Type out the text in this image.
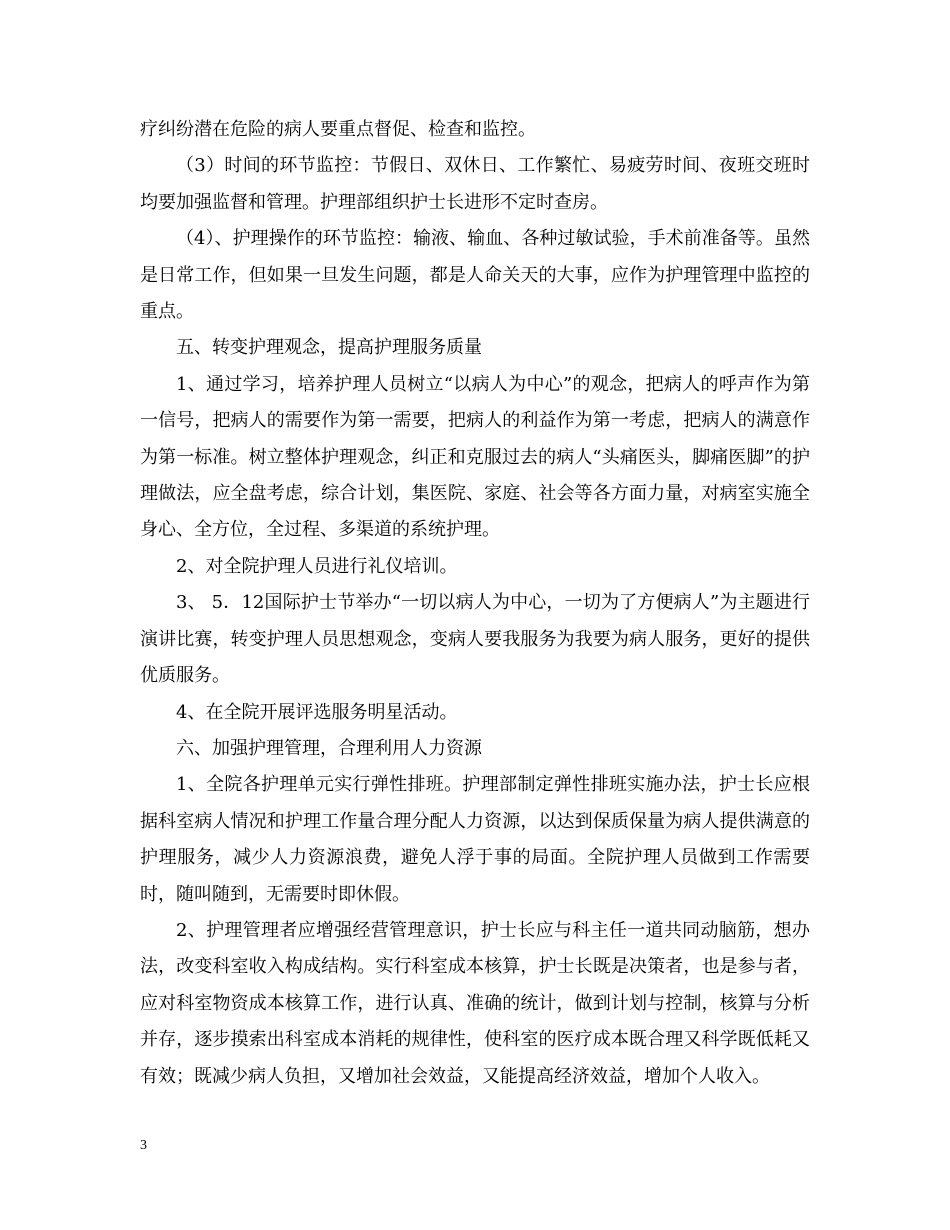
疗纠纷潜在危险的病人要重点督促、检查和监控。

（3）时间的环节监控：节假日、双休日、工作繁忙、易疲劳时间、夜班交班时均要加强监督和管理。护理部组织护士长进形不定时查房。

（4）、护理操作的环节监控：输液、输血、各种过敏试验，手术前准备等。虽然是日常工作，但如果一旦发生问题，都是人命关天的大事，应作为护理管理中监控的重点。

五、转变护理观念，提高护理服务质量

1、通过学习，培养护理人员树立“以病人为中心”的观念，把病人的呼声作为第一信号，把病人的需要作为第一需要，把病人的利益作为第一考虑，把病人的满意作为第一标准。树立整体护理观念，纠正和克服过去的病人“头痛医头，脚痛医脚”的护理做法，应全盘考虑，综合计划，集医院、家庭、社会等各方面力量，对病室实施全身心、全方位，全过程、多渠道的系统护理。

2、对全院护理人员进行礼仪培训。

3、 5．12国际护士节举办“一切以病人为中心，一切为了方便病人”为主题进行演讲比赛，转变护理人员思想观念，变病人要我服务为我要为病人服务，更好的提供优质服务。

4、在全院开展评选服务明星活动。

六、加强护理管理，合理利用人力资源

1、全院各护理单元实行弹性排班。护理部制定弹性排班实施办法，护士长应根据科室病人情况和护理工作量合理分配人力资源，以达到保质保量为病人提供满意的护理服务，减少人力资源浪费，避免人浮于事的局面。全院护理人员做到工作需要时，随叫随到，无需要时即休假。

2、护理管理者应增强经营管理意识，护士长应与科主任一道共同动脑筋，想办法，改变科室收入构成结构。实行科室成本核算，护士长既是决策者，也是参与者，应对科室物资成本核算工作，进行认真、准确的统计，做到计划与控制，核算与分析并存，逐步摸索出科室成本消耗的规律性，使科室的医疗成本既合理又科学既低耗又有效；既减少病人负担，又增加社会效益，又能提高经济效益，增加个人收入。

3
